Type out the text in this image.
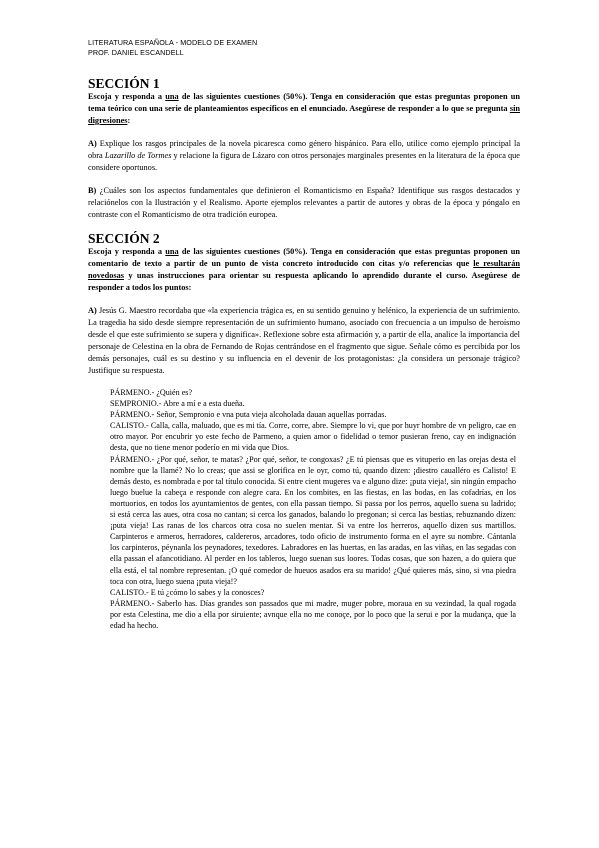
LITERATURA ESPAÑOLA - MODELO DE EXAMEN
PROF. DANIEL ESCANDELL
SECCIÓN 1

Escoja y responda a una de las siguientes cuestiones (50%). Tenga en consideración que estas preguntas proponen un tema teórico con una serie de planteamientos específicos en el enunciado. Asegúrese de responder a lo que se pregunta sin digresiones:

A) Explique los rasgos principales de la novela picaresca como género hispánico. Para ello, utilice como ejemplo principal la obra Lazarillo de Tormes y relacione la figura de Lázaro con otros personajes marginales presentes en la literatura de la época que considere oportunos.

B) ¿Cuáles son los aspectos fundamentales que definieron el Romanticismo en España? Identifique sus rasgos destacados y relaciónelos con la Ilustración y el Realismo. Aporte ejemplos relevantes a partir de autores y obras de la época y póngalo en contraste con el Romanticismo de otra tradición europea.

SECCIÓN 2

Escoja y responda a una de las siguientes cuestiones (50%). Tenga en consideración que estas preguntas proponen un comentario de texto a partir de un punto de vista concreto introducido con citas y/o referencias que le resultarán novedosas y unas instrucciones para orientar su respuesta aplicando lo aprendido durante el curso. Asegúrese de responder a todos los puntos:

A) Jesús G. Maestro recordaba que «la experiencia trágica es, en su sentido genuino y helénico, la experiencia de un sufrimiento. La tragedia ha sido desde siempre representación de un sufrimiento humano, asociado con frecuencia a un impulso de heroísmo desde el que este sufrimiento se supera y dignifica». Reflexione sobre esta afirmación y, a partir de ella, analice la importancia del personaje de Celestina en la obra de Fernando de Rojas centrándose en el fragmento que sigue. Señale cómo es percibida por los demás personajes, cuál es su destino y su influencia en el devenir de los protagonistas: ¿la considera un personaje trágico? Justifique su respuesta.

PÁRMENO.- ¿Quién es?

SEMPRONIO.- Abre a mí e a esta dueña.

PÁRMENO.- Señor, Sempronio e vna puta vieja alcoholada dauan aquellas porradas.

CALISTO.- Calla, calla, maluado, que es mi tía. Corre, corre, abre. Siempre lo vi, que por huyr hombre de vn peligro, cae en otro mayor. Por encubrir yo este fecho de Parmeno, a quien amor o fidelidad o temor pusieran freno, cay en indignación desta, que no tiene menor poderío en mi vida que Dios.

PÁRMENO.- ¿Por qué, señor, te matas? ¿Por qué, señor, te congoxas? ¿E tú piensas que es vituperio en las orejas desta el nombre que la llamé? No lo creas; que assi se glorifica en le oyr, como tú, quando dizen: ¡diestro caualléro es Calisto! E demás desto, es nombrada e por tal título conocida. Si entre cient mugeres va e alguno dize: ¡puta vieja!, sin ningún empacho luego buelue la cabeça e responde con alegre cara. En los combites, en las fiestas, en las bodas, en las cofadrías, en los mortuorios, en todos los ayuntamientos de gentes, con ella passan tiempo. Si passa por los perros, aquello suena su ladrido; si está cerca las aues, otra cosa no cantan; si cerca los ganados, balando lo pregonan; si cerca las bestias, rebuznando dizen: ¡puta vieja! Las ranas de los charcos otra cosa no suelen mentar. Si va entre los herreros, aquello dizen sus martillos. Carpinteros e armeros, herradores, caldereros, arcadores, todo oficio de instrumento forma en el ayre su nombre. Cántanla los carpinteros, péynanla los peynadores, texedores. Labradores en las huertas, en las aradas, en las viñas, en las segadas con ella passan el afancotidiano. Al perder en los tableros, luego suenan sus loores. Todas cosas, que son hazen, a do quiera que ella está, el tal nombre representan. ¡O qué comedor de hueuos asados era su marido! ¿Qué quieres más, sino, si vna piedra toca con otra, luego suena ¡puta vieja!?

CALISTO.- E tú ¿cómo lo sabes y la conosces?

PÁRMENO.- Saberlo has. Días grandes son passados que mi madre, muger pobre, moraua en su vezindad, la qual rogada por esta Celestina, me dio a ella por siruiente; avnque ella no me conoçe, por lo poco que la serui e por la mudança, que la edad ha hecho.
